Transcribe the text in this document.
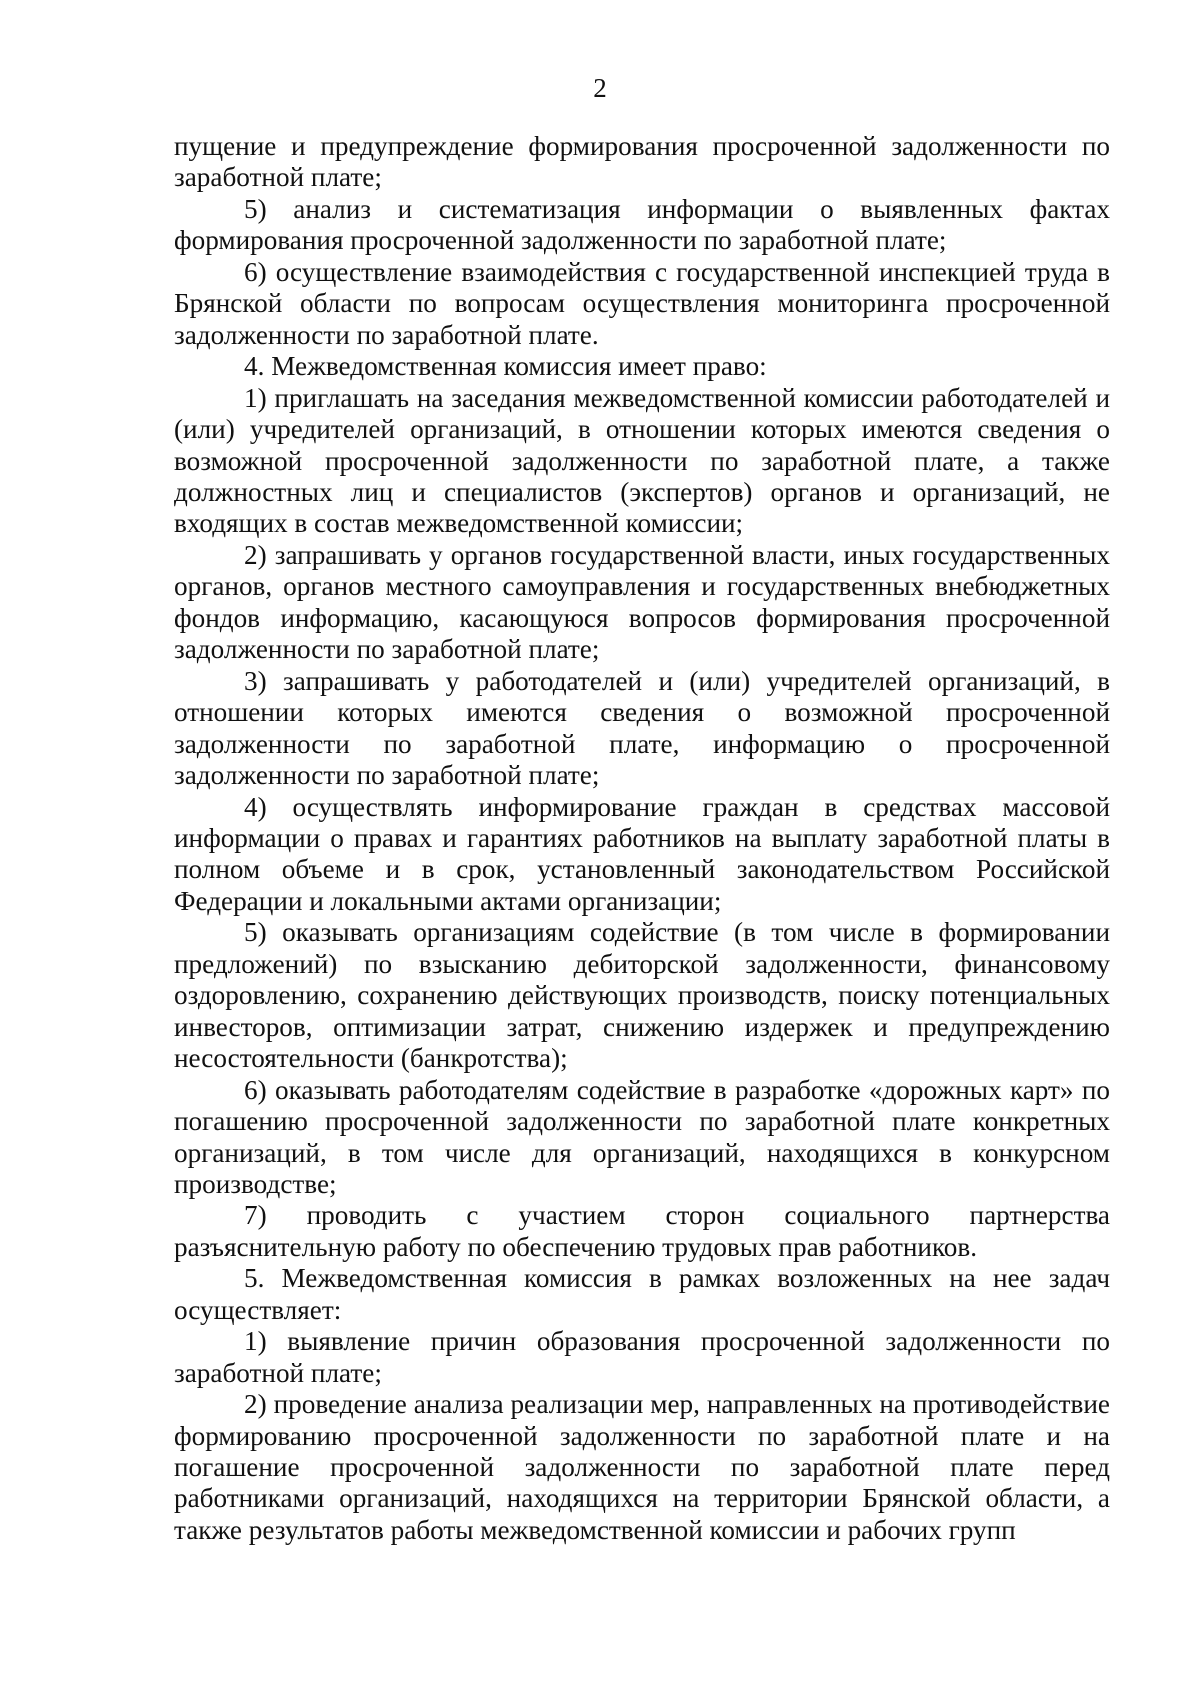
2

пущение и предупреждение формирования просроченной задолженности по заработной плате;

5) анализ и систематизация информации о выявленных фактах формирования просроченной задолженности по заработной плате;

6) осуществление взаимодействия с государственной инспекцией труда в Брянской области по вопросам осуществления мониторинга просроченной задолженности по заработной плате.

4. Межведомственная комиссия имеет право:

1) приглашать на заседания межведомственной комиссии работодателей и (или) учредителей организаций, в отношении которых имеются сведения о возможной просроченной задолженности по заработной плате, а также должностных лиц и специалистов (экспертов) органов и организаций, не входящих в состав межведомственной комиссии;

2) запрашивать у органов государственной власти, иных государственных органов, органов местного самоуправления и государственных внебюджетных фондов информацию, касающуюся вопросов формирования просроченной задолженности по заработной плате;

3) запрашивать у работодателей и (или) учредителей организаций, в отношении которых имеются сведения о возможной просроченной задолженности по заработной плате, информацию о просроченной задолженности по заработной плате;

4) осуществлять информирование граждан в средствах массовой информации о правах и гарантиях работников на выплату заработной платы в полном объеме и в срок, установленный законодательством Российской Федерации и локальными актами организации;

5) оказывать организациям содействие (в том числе в формировании предложений) по взысканию дебиторской задолженности, финансовому оздоровлению, сохранению действующих производств, поиску потенциальных инвесторов, оптимизации затрат, снижению издержек и предупреждению несостоятельности (банкротства);

6) оказывать работодателям содействие в разработке «дорожных карт» по погашению просроченной задолженности по заработной плате конкретных организаций, в том числе для организаций, находящихся в конкурсном производстве;

7) проводить с участием сторон социального партнерства разъяснительную работу по обеспечению трудовых прав работников.

5. Межведомственная комиссия в рамках возложенных на нее задач осуществляет:

1) выявление причин образования просроченной задолженности по заработной плате;

2) проведение анализа реализации мер, направленных на противодействие формированию просроченной задолженности по заработной плате и на погашение просроченной задолженности по заработной плате перед работниками организаций, находящихся на территории Брянской области, а также результатов работы межведомственной комиссии и рабочих групп
